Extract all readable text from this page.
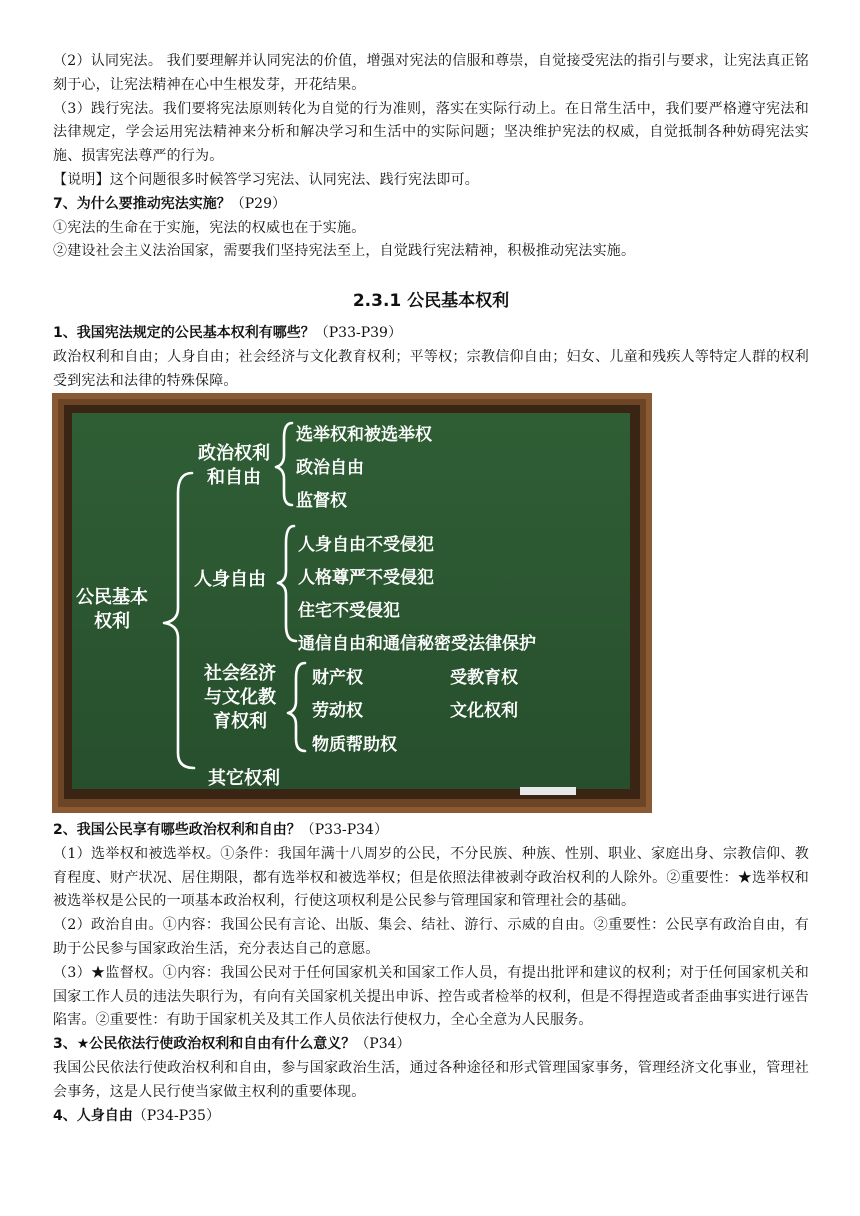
（2）认同宪法。 我们要理解并认同宪法的价值，增强对宪法的信服和尊崇，自觉接受宪法的指引与要求，让宪法真正铭刻于心，让宪法精神在心中生根发芽，开花结果。

（3）践行宪法。我们要将宪法原则转化为自觉的行为准则，落实在实际行动上。在日常生活中，我们要严格遵守宪法和法律规定，学会运用宪法精神来分析和解决学习和生活中的实际问题；坚决维护宪法的权威，自觉抵制各种妨碍宪法实施、损害宪法尊严的行为。

【说明】这个问题很多时候答学习宪法、认同宪法、践行宪法即可。

7、为什么要推动宪法实施？（P29）

①宪法的生命在于实施，宪法的权威也在于实施。

②建设社会主义法治国家，需要我们坚持宪法至上，自觉践行宪法精神，积极推动宪法实施。

2.3.1 公民基本权利

1、我国宪法规定的公民基本权利有哪些？（P33-P39）

政治权利和自由；人身自由；社会经济与文化教育权利；平等权；宗教信仰自由；妇女、儿童和残疾人等特定人群的权利受到宪法和法律的特殊保障。

2、我国公民享有哪些政治权利和自由？（P33-P34）

（1）选举权和被选举权。①条件：我国年满十八周岁的公民，不分民族、种族、性别、职业、家庭出身、宗教信仰、教育程度、财产状况、居住期限，都有选举权和被选举权；但是依照法律被剥夺政治权利的人除外。②重要性：★选举权和被选举权是公民的一项基本政治权利，行使这项权利是公民参与管理国家和管理社会的基础。

（2）政治自由。①内容：我国公民有言论、出版、集会、结社、游行、示威的自由。②重要性：公民享有政治自由，有助于公民参与国家政治生活，充分表达自己的意愿。

（3）★监督权。①内容：我国公民对于任何国家机关和国家工作人员，有提出批评和建议的权利；对于任何国家机关和国家工作人员的违法失职行为，有向有关国家机关提出申诉、控告或者检举的权利，但是不得捏造或者歪曲事实进行诬告陷害。②重要性：有助于国家机关及其工作人员依法行使权力，全心全意为人民服务。

3、★公民依法行使政治权利和自由有什么意义？（P34）

我国公民依法行使政治权利和自由，参与国家政治生活，通过各种途径和形式管理国家事务，管理经济文化事业，管理社会事务，这是人民行使当家做主权利的重要体现。

4、人身自由（P34-P35）

公民基本
权利
政治权利
和自由
选举权和被选举权
政治自由
监督权
人身自由
人身自由不受侵犯
人格尊严不受侵犯
住宅不受侵犯
通信自由和通信秘密受法律保护
社会经济
与文化教
育权利
财产权
劳动权
物质帮助权
受教育权
文化权利
其它权利
